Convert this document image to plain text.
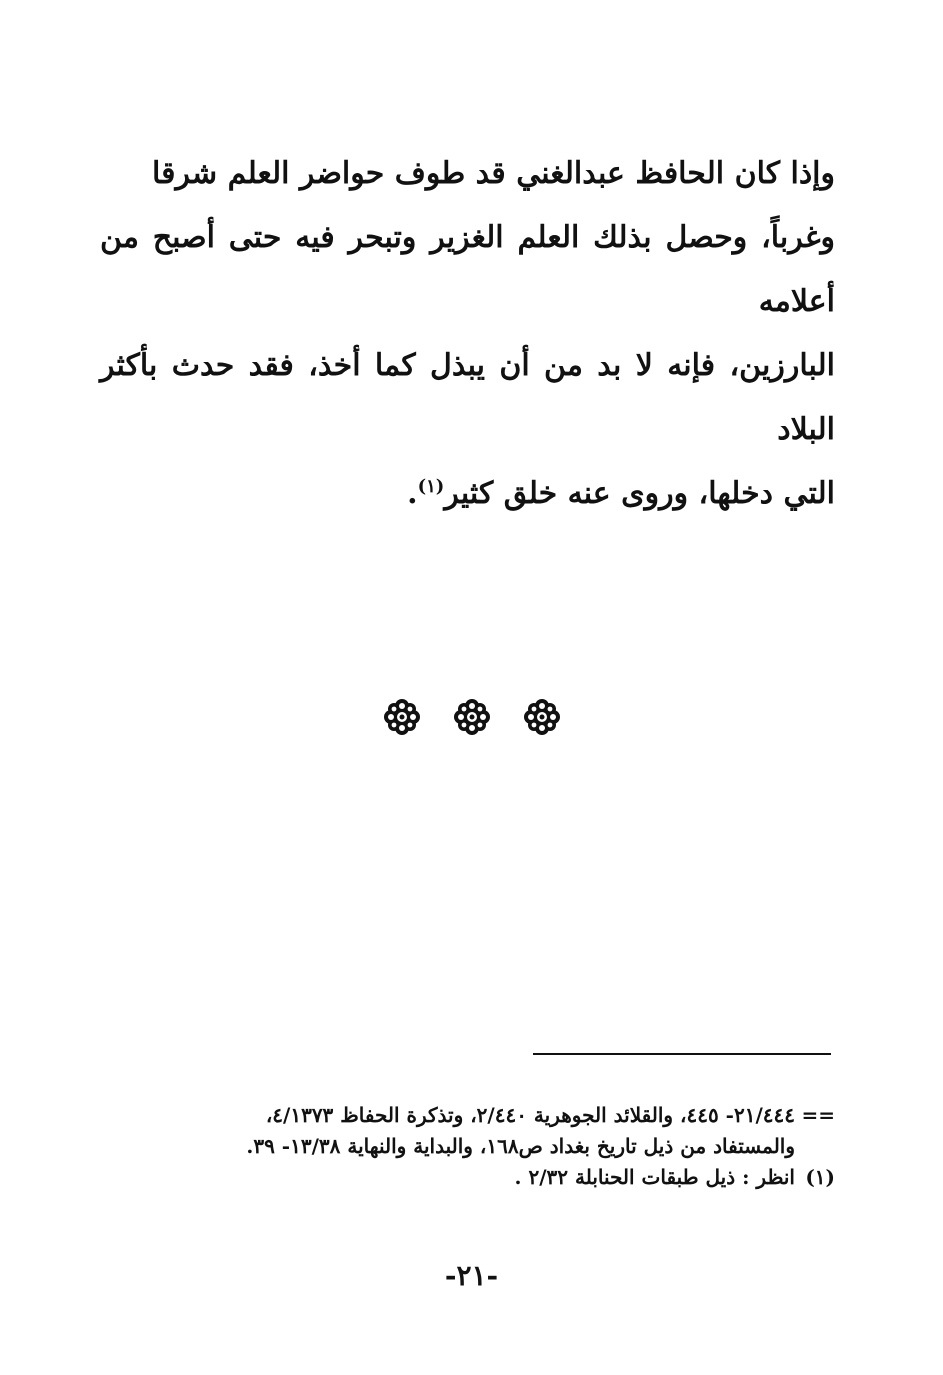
وإذا كان الحافظ عبدالغني قد طوف حواضر العلم شرقا
وغرباً، وحصل بذلك العلم الغزير وتبحر فيه حتى أصبح من أعلامه
البارزين، فإنه لا بد من أن يبذل كما أخذ، فقد حدث بأكثر البلاد
التي دخلها، وروى عنه خلق كثير$^{(١)}$.
==٢١/٤٤٤- ٤٤٥، والقلائد الجوهرية ٢/٤٤٠، وتذكرة الحفاظ ٤/١٣٧٣،
والمستفاد من ذيل تاريخ بغداد ص١٦٨، والبداية والنهاية ١٣/٣٨- ٣٩.
(١)انظر : ذيل طبقات الحنابلة ٢/٣٢ .
-٢١-
